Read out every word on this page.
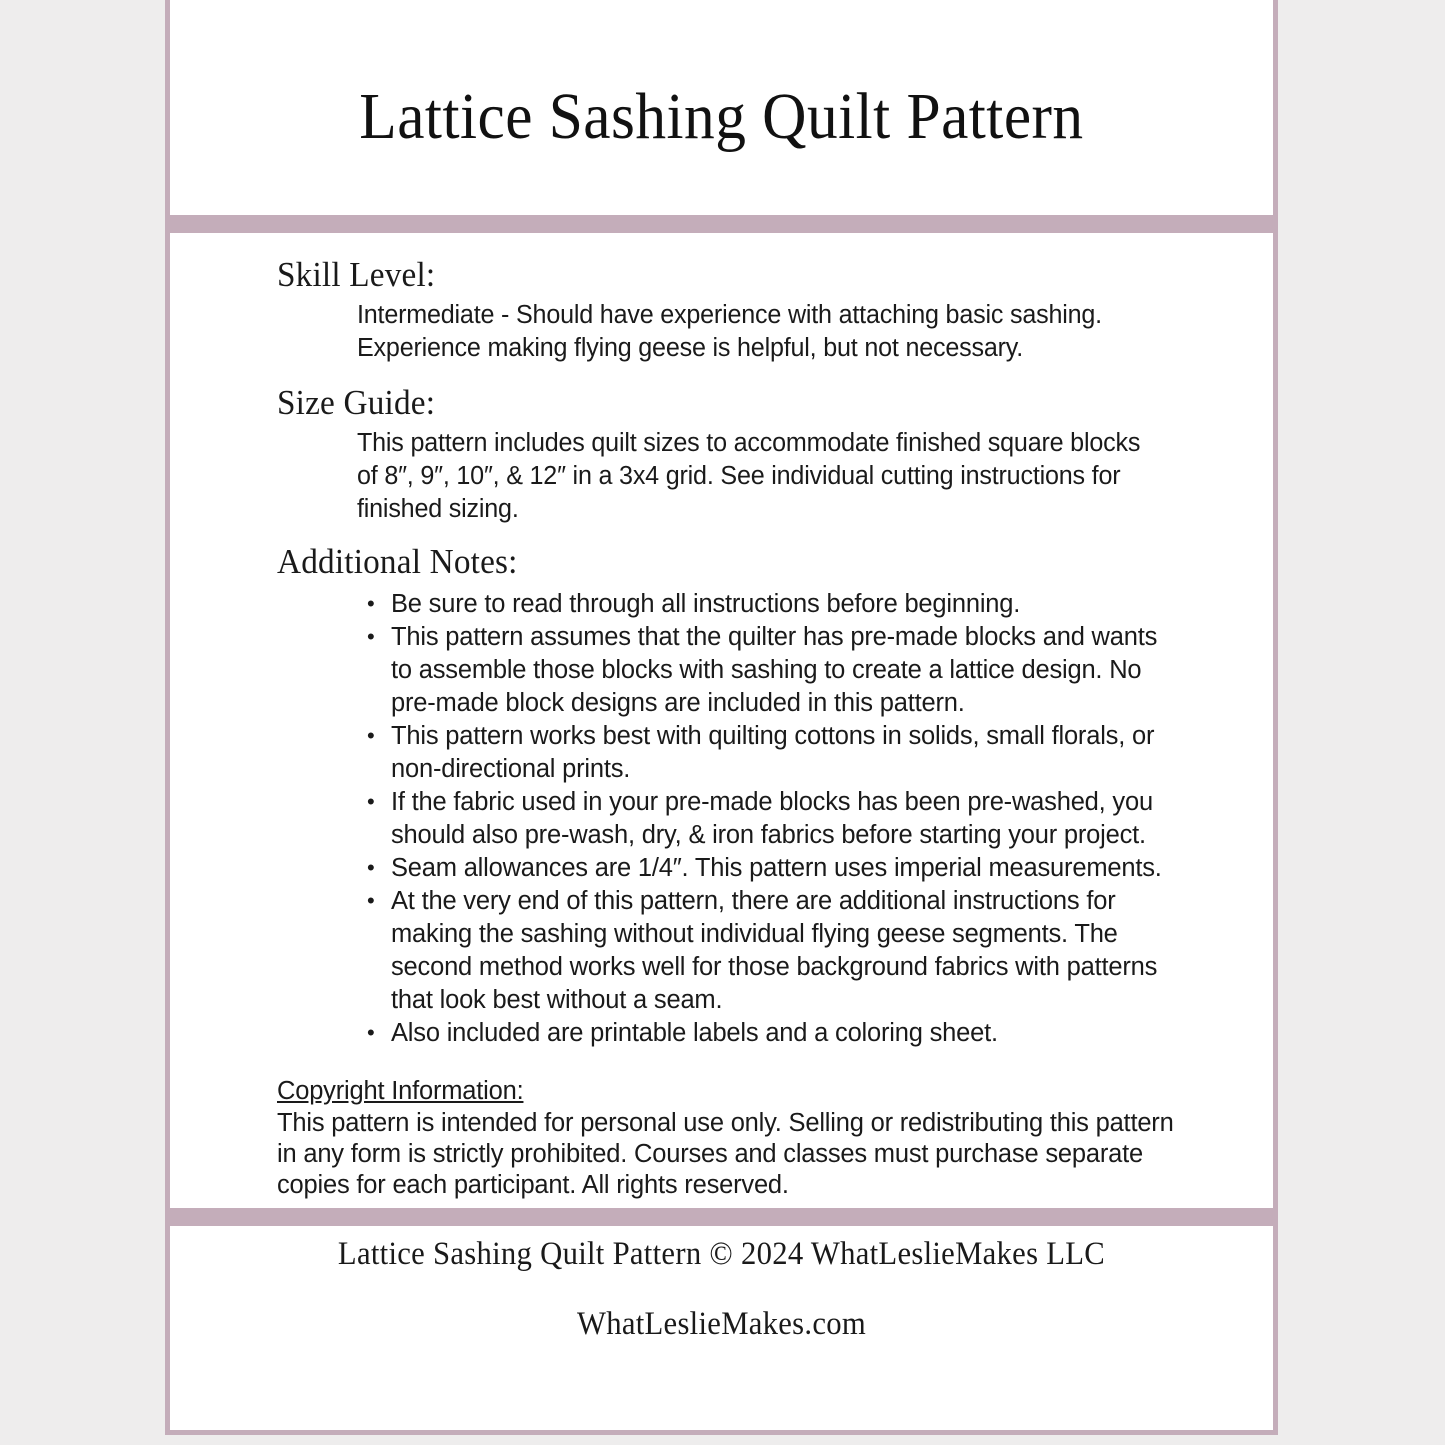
Lattice Sashing Quilt Pattern
Skill Level:

Intermediate - Should have experience with attaching basic sashing. Experience making flying geese is helpful, but not necessary.

Size Guide:

This pattern includes quilt sizes to accommodate finished square blocks of 8″, 9″, 10″, & 12″ in a 3x4 grid. See individual cutting instructions for finished sizing.

Additional Notes:
• Be sure to read through all instructions before beginning.
• This pattern assumes that the quilter has pre-made blocks and wants to assemble those blocks with sashing to create a lattice design. No pre-made block designs are included in this pattern.
• This pattern works best with quilting cottons in solids, small florals, or non-directional prints.
• If the fabric used in your pre-made blocks has been pre-washed, you should also pre-wash, dry, & iron fabrics before starting your project.
• Seam allowances are 1/4″. This pattern uses imperial measurements.
• At the very end of this pattern, there are additional instructions for making the sashing without individual flying geese segments. The second method works well for those background fabrics with patterns that look best without a seam.
• Also included are printable labels and a coloring sheet.
Copyright Information:

This pattern is intended for personal use only. Selling or redistributing this pattern in any form is strictly prohibited. Courses and classes must purchase separate copies for each participant. All rights reserved.

Lattice Sashing Quilt Pattern © 2024 WhatLeslieMakes LLC
WhatLeslieMakes.com
